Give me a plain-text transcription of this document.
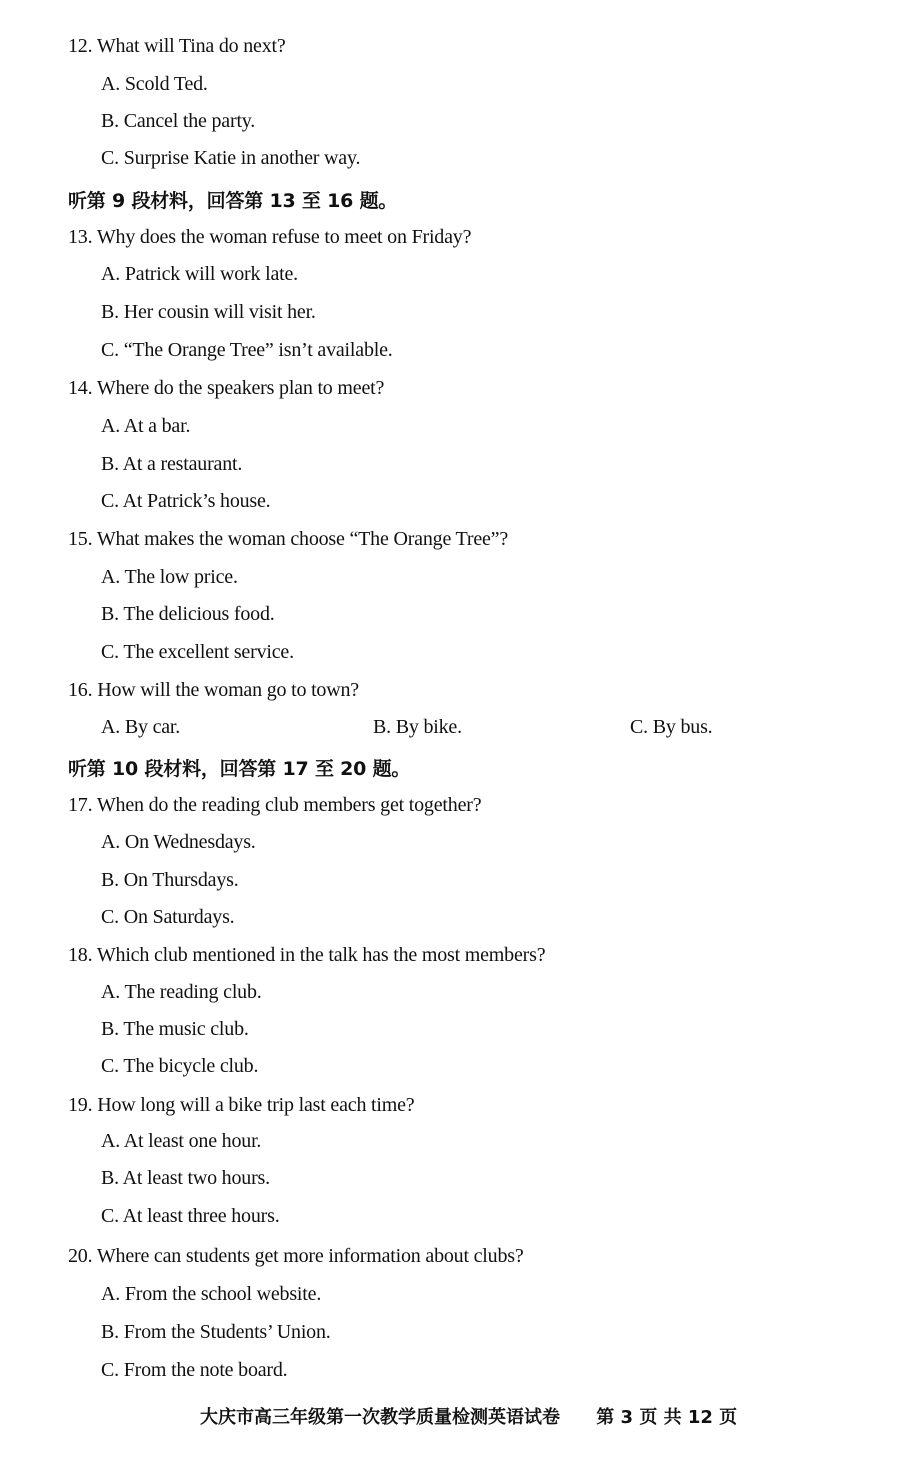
12. What will Tina do next?
A. Scold Ted.
B. Cancel the party.
C. Surprise Katie in another way.
听第 9 段材料，回答第 13 至 16 题。
13. Why does the woman refuse to meet on Friday?
A. Patrick will work late.
B. Her cousin will visit her.
C. “The Orange Tree” isn’t available.
14. Where do the speakers plan to meet?
A. At a bar.
B. At a restaurant.
C. At Patrick’s house.
15. What makes the woman choose “The Orange Tree”?
A. The low price.
B. The delicious food.
C. The excellent service.
16. How will the woman go to town?
A. By car.	B. By bike.	C. By bus.
听第 10 段材料，回答第 17 至 20 题。
17. When do the reading club members get together?
A. On Wednesdays.
B. On Thursdays.
C. On Saturdays.
18. Which club mentioned in the talk has the most members?
A. The reading club.
B. The music club.
C. The bicycle club.
19. How long will a bike trip last each time?
A. At least one hour.
B. At least two hours.
C. At least three hours.
20. Where can students get more information about clubs?
A. From the school website.
B. From the Students’ Union.
C. From the note board.
大庆市高三年级第一次教学质量检测英语试卷 第 3 页 共 12 页
